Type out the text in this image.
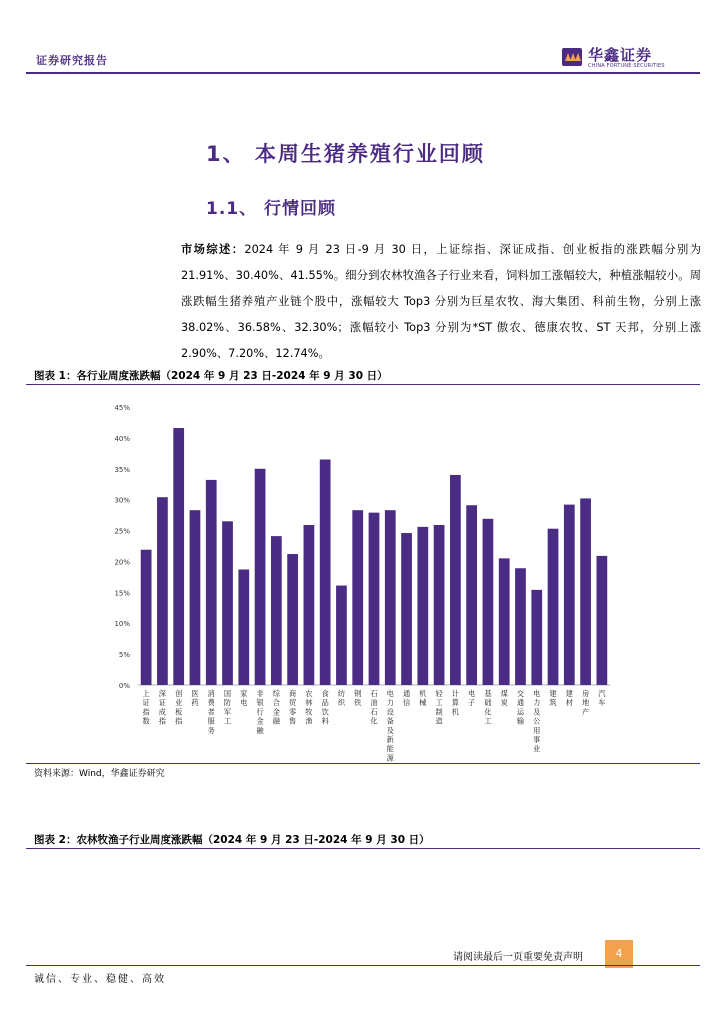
证券研究报告	华鑫证券
CHINA FORTUNE SECURITIES
1、 本周生猪养殖行业回顾
1.1、 行情回顾
市场综述：2024 年 9 月 23 日-9 月 30 日，上证综指、深证成指、创业板指的涨跌幅分别为 21.91%、30.40%、41.55%。细分到农林牧渔各子行业来看，饲料加工涨幅较大，种植涨幅较小。周涨跌幅生猪养殖产业链个股中，涨幅较大 Top3 分别为巨星农牧、海大集团、科前生物，分别上涨 38.02%、36.58%、32.30%；涨幅较小 Top3 分别为*ST 傲农、德康农牧、ST 天邦，分别上涨 2.90%、7.20%、12.74%。
图表 1：各行业周度涨跌幅（2024 年 9 月 23 日-2024 年 9 月 30 日）
0%
5%
10%
15%
20%
25%
30%
35%
40%
45%
上证指数
深证成指
创业板指
医药
消费者服务
国防军工
家电
非银行金融
综合金融
商贸零售
农林牧渔
食品饮料
纺织
钢铁
石油石化
电力设备及新能源
通信
机械
轻工制造
计算机
电子
基础化工
煤炭
交通运输
电力及公用事业
建筑
建材
房地产
汽车
资料来源：Wind，华鑫证券研究
图表 2：农林牧渔子行业周度涨跌幅（2024 年 9 月 23 日-2024 年 9 月 30 日）
请阅读最后一页重要免责声明	4
诚信、专业、稳健、高效
